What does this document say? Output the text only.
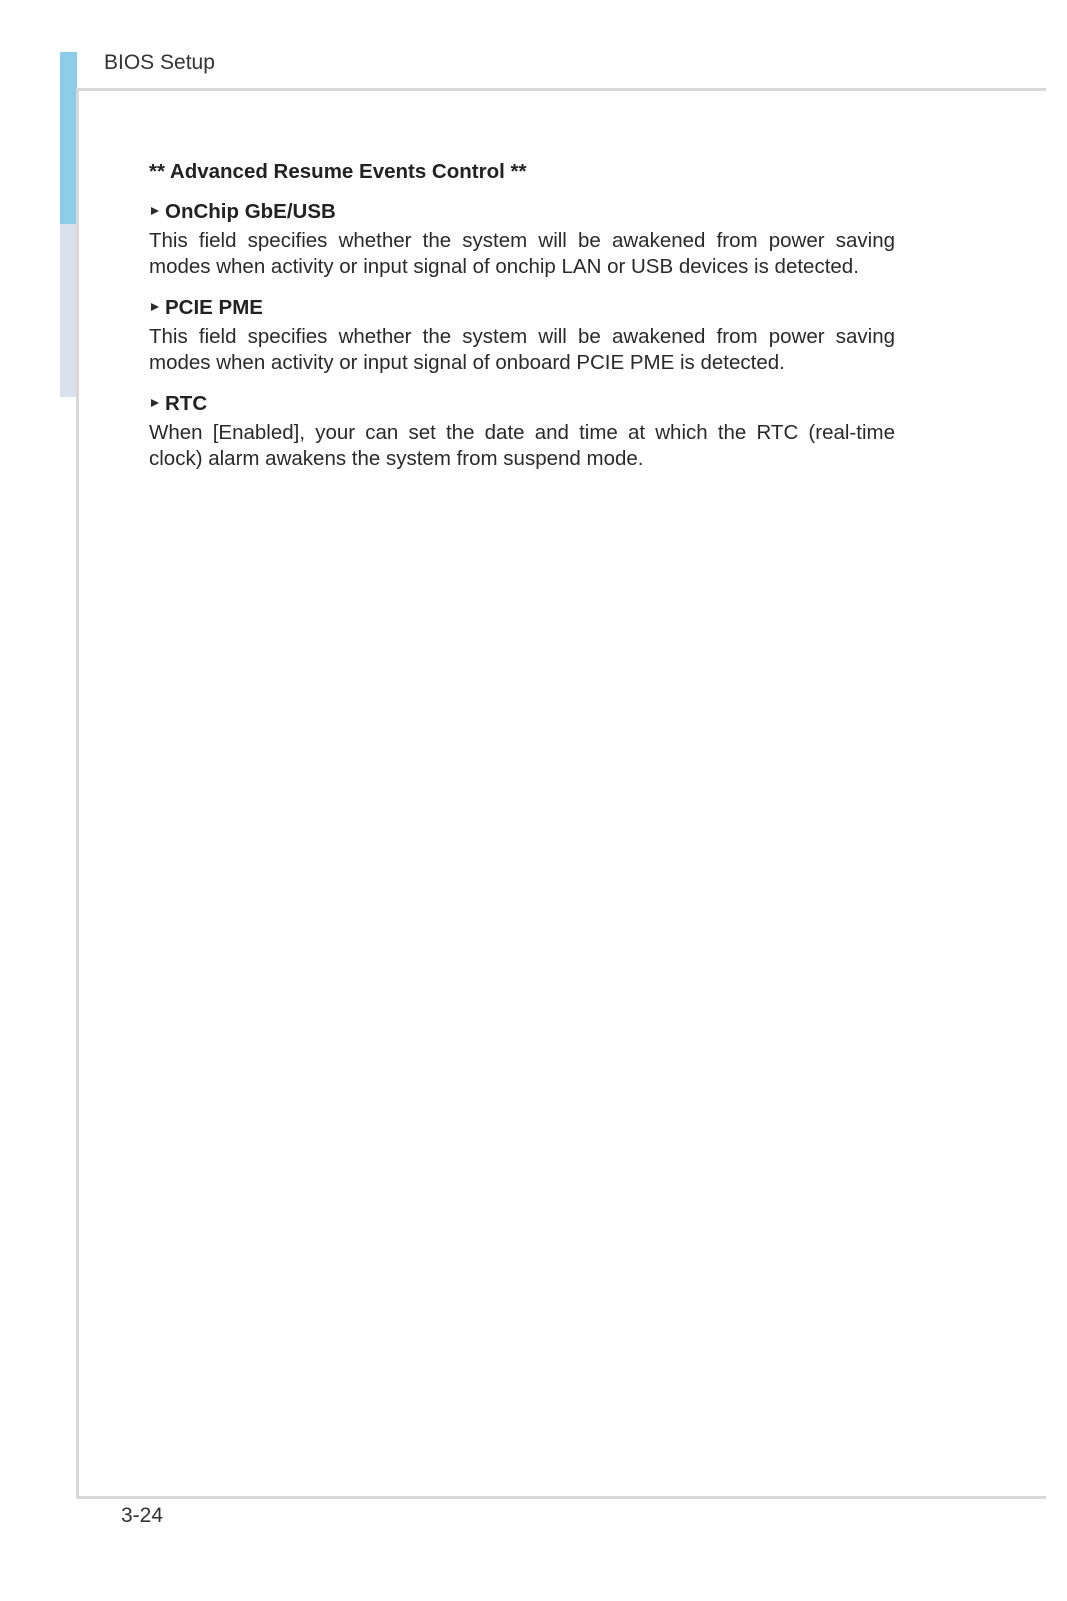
BIOS Setup
** Advanced Resume Events Control **
OnChip GbE/USB
This field specifies whether the system will be awakened from power saving modes when activity or input signal of onchip LAN or USB devices is detected.
PCIE PME
This field specifies whether the system will be awakened from power saving modes when activity or input signal of onboard PCIE PME is detected.
RTC
When [Enabled], your can set the date and time at which the RTC (real-time clock) alarm awakens the system from suspend mode.
3-24
